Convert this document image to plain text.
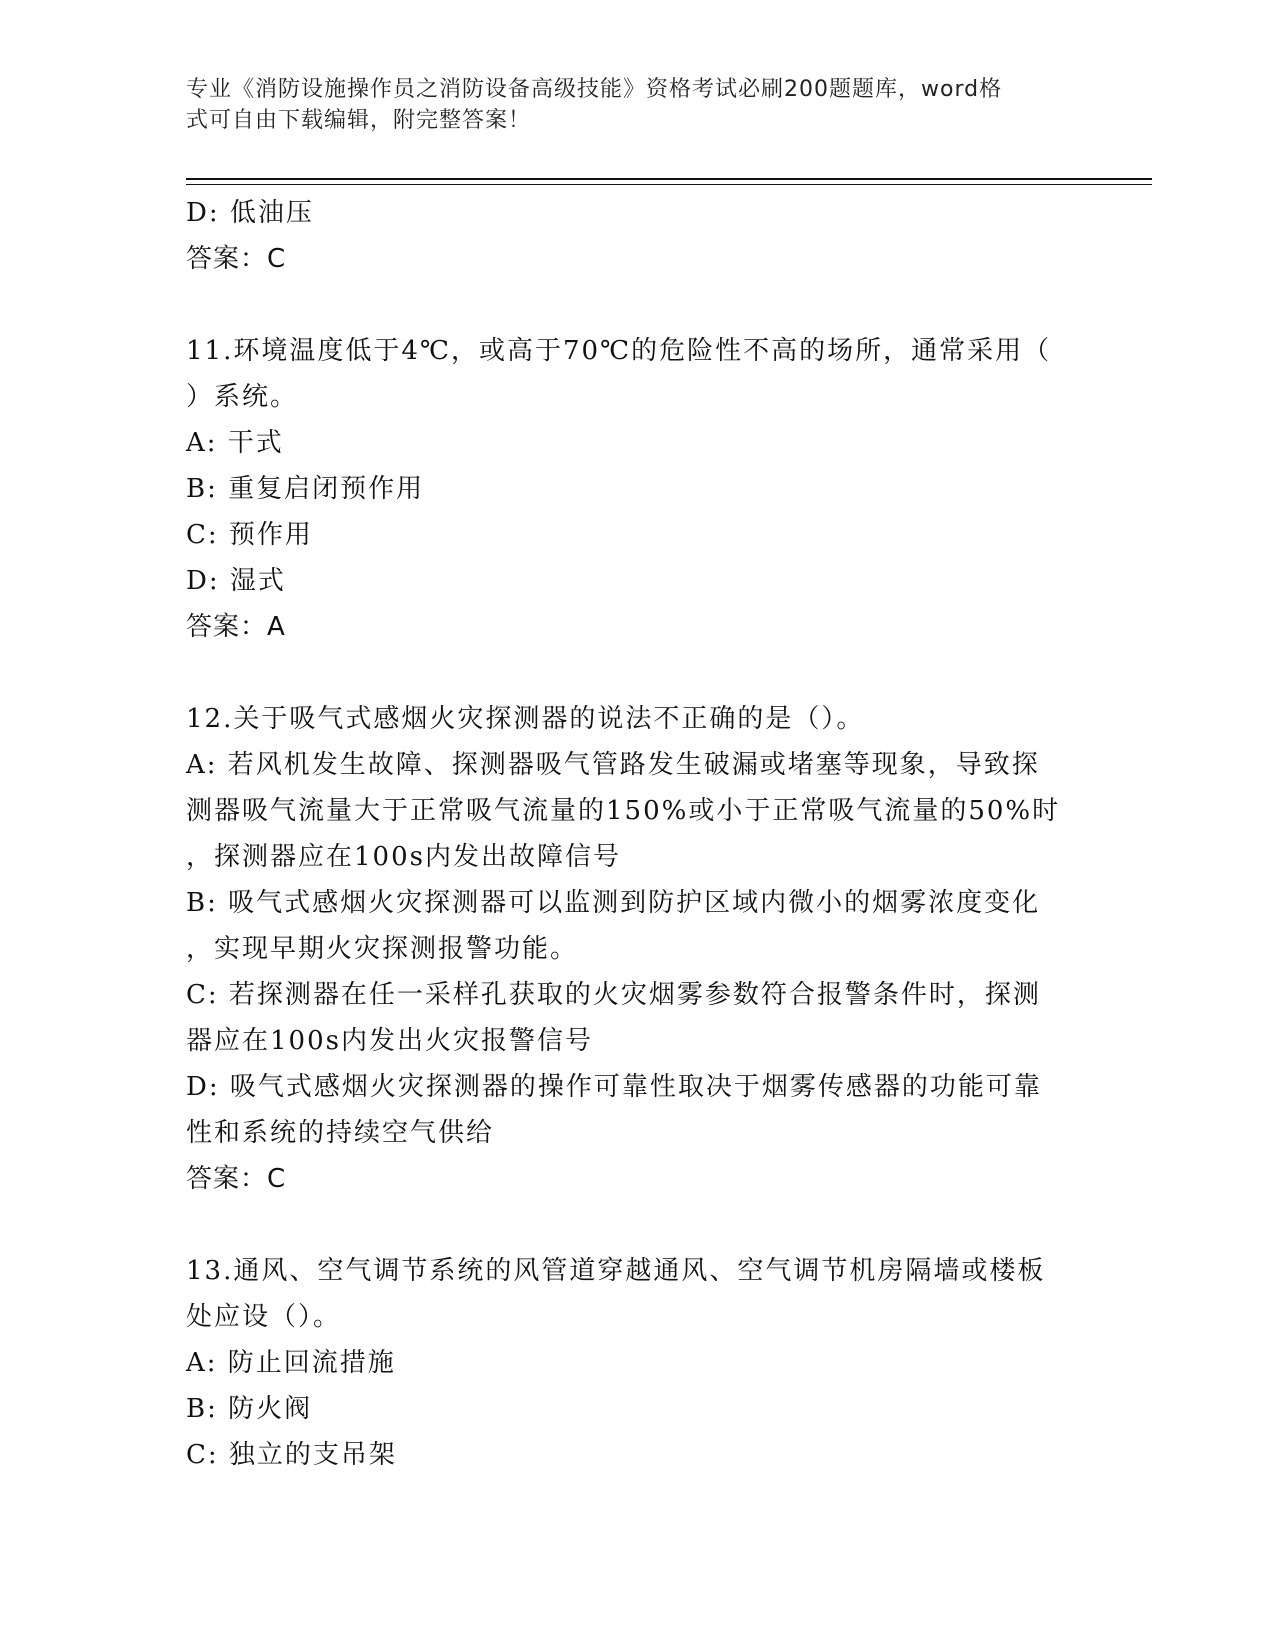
专业《消防设施操作员之消防设备高级技能》资格考试必刷200题题库，word格
式可自由下载编辑，附完整答案！
D: 低油压
答案：C
11.环境温度低于4℃，或高于70℃的危险性不高的场所，通常采用（
）系统。
A: 干式
B: 重复启闭预作用
C: 预作用
D: 湿式
答案：A
12.关于吸气式感烟火灾探测器的说法不正确的是（）。
A: 若风机发生故障、探测器吸气管路发生破漏或堵塞等现象，导致探
测器吸气流量大于正常吸气流量的150%或小于正常吸气流量的50%时
，探测器应在100s内发出故障信号
B: 吸气式感烟火灾探测器可以监测到防护区域内微小的烟雾浓度变化
，实现早期火灾探测报警功能。
C: 若探测器在任一采样孔获取的火灾烟雾参数符合报警条件时，探测
器应在100s内发出火灾报警信号
D: 吸气式感烟火灾探测器的操作可靠性取决于烟雾传感器的功能可靠
性和系统的持续空气供给
答案：C
13.通风、空气调节系统的风管道穿越通风、空气调节机房隔墙或楼板
处应设（）。
A: 防止回流措施
B: 防火阀
C: 独立的支吊架
